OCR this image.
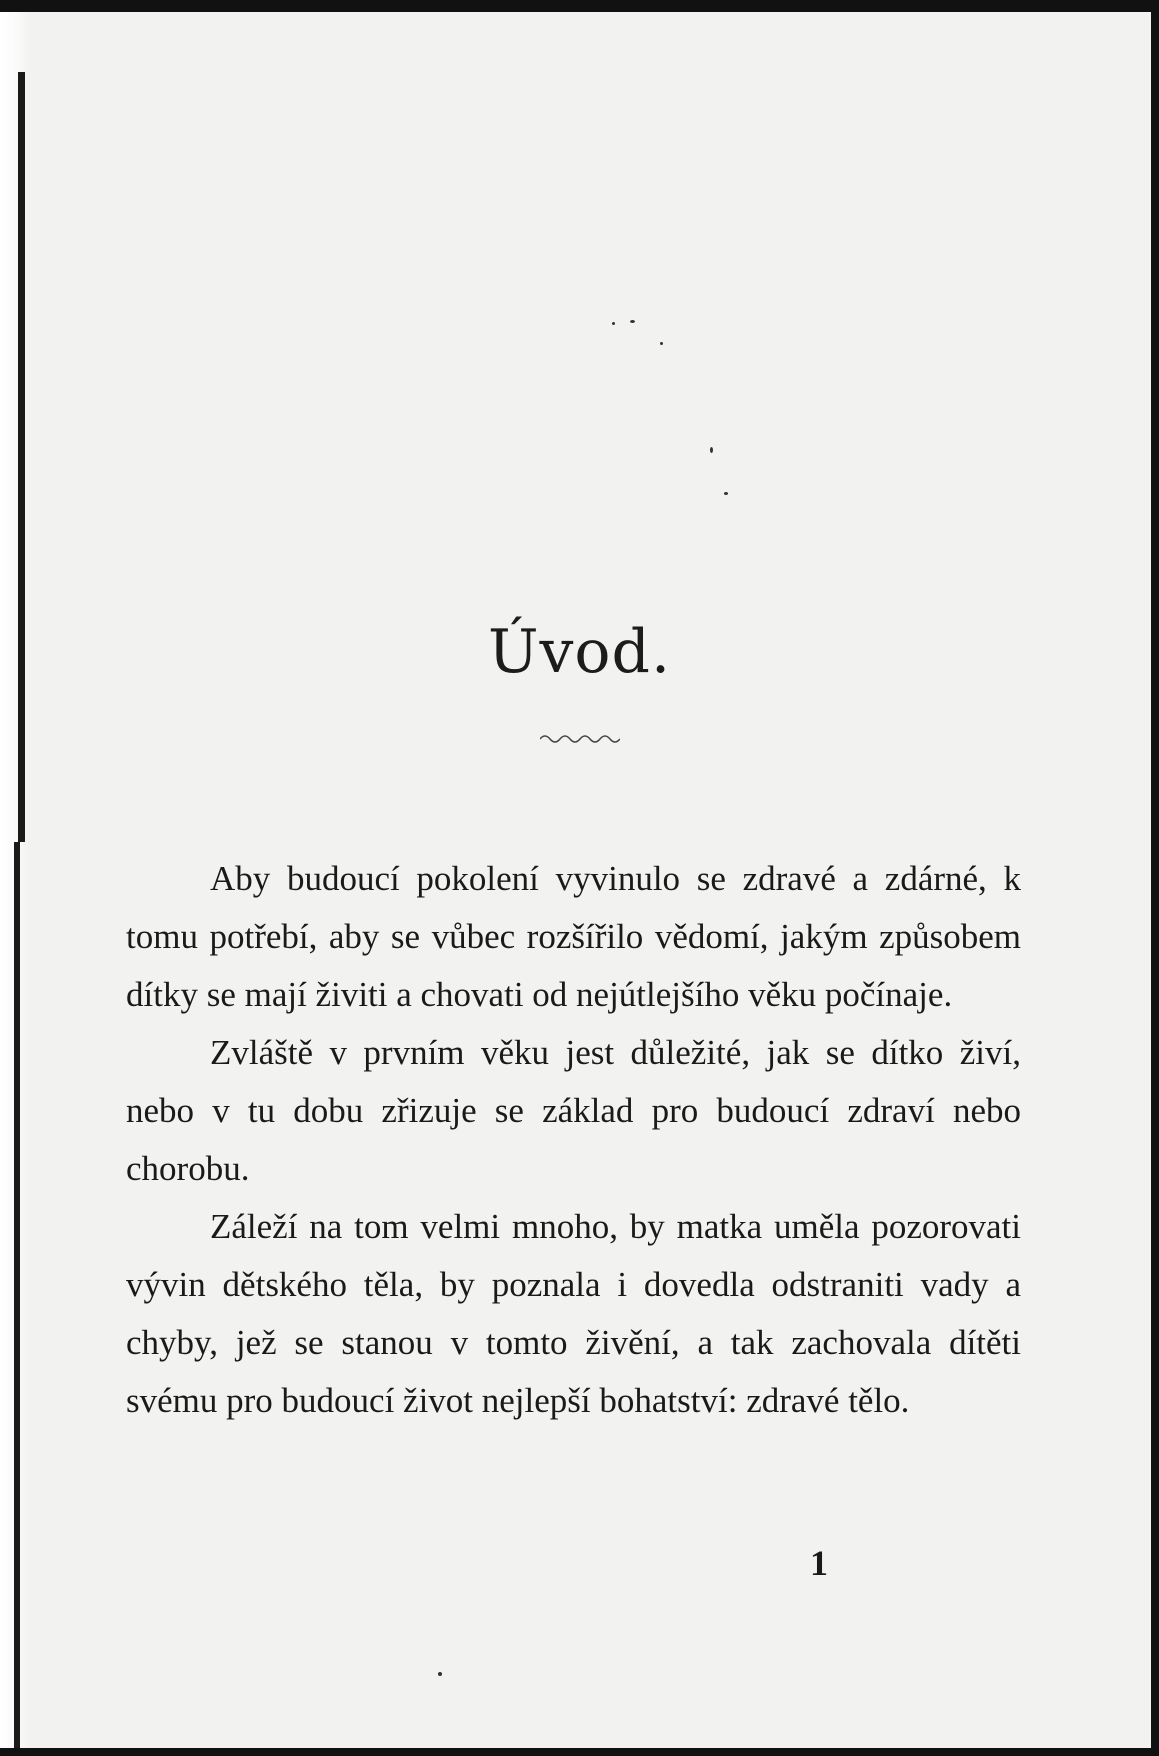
Úvod.

Aby budoucí pokolení vyvinulo se zdravé a zdárné, k tomu potřebí, aby se vůbec rozšířilo vědomí, jakým způsobem dítky se mají živiti a chovati od nejútlejšího věku počínaje.

Zvláště v prvním věku jest důležité, jak se dítko živí, nebo v tu dobu zřizuje se základ pro budoucí zdraví nebo chorobu.

Záleží na tom velmi mnoho, by matka uměla pozorovati vývin dětského těla, by poznala i dovedla odstraniti vady a chyby, jež se stanou v tomto živění, a tak zachovala dítěti svému pro budoucí život nejlepší bohatství: zdravé tělo.

1
